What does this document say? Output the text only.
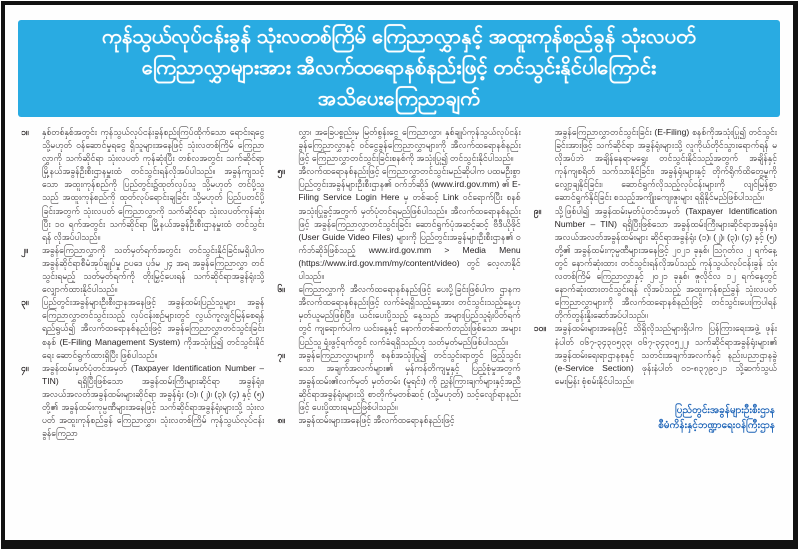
ကုန်သွယ်လုပ်ငန်းခွန် သုံးလတစ်ကြိမ် ကြေညာလွှာနှင့် အထူးကုန်စည်ခွန် သုံးလပတ်
ကြေညာလွှာများအား အီလက်ထရောနစ်နည်းဖြင့် တင်သွင်းနိုင်ပါကြောင်း
အသိပေးကြေညာချက်
၁။	နှစ်တစ်နှစ်အတွင်း ကုန်သွယ်လုပ်ငန်းခွန်စည်းကြပ်ထိုက်သော ရောင်းရငွေ သို့မဟုတ် ဝန်ဆောင်မှုရငွေ ရှိသူများအနေဖြင့် သုံးလတစ်ကြိမ် ကြေညာလွှာကို သက်ဆိုင်ရာ သုံးလပတ် ကုန်ဆုံးပြီး တစ်လအတွင်း သက်ဆိုင်ရာ မြို့နယ်အခွန်ဦးစီးဌာနမှူးထံ တင်သွင်းရန်လိုအပ်ပါသည်။ အခွန်ကျသင့်သော အထူးကုန်စည်ကို ပြည်တွင်း၌ထုတ်လုပ်သူ သို့မဟုတ် တင်ပို့သူသည် အထူးကုန်စည်ကို ထုတ်လုပ်ရောင်းချခြင်း သို့မဟုတ် ပြည်ပတင်ပို့ခြင်းအတွက် သုံးလပတ် ကြေညာလွှာကို သက်ဆိုင်ရာ သုံးလပတ်ကုန်ဆုံးပြီး ၁၀ ရက်အတွင်း သက်ဆိုင်ရာ မြို့နယ်အခွန်ဦးစီးဌာနမှူးထံ တင်သွင်းရန် လိုအပ်ပါသည်။
၂။	အခွန်ကြေညာလွှာကို သတ်မှတ်ရက်အတွင်း တင်သွင်းနိုင်ခြင်းမရှိပါက အခွန်ဆိုင်ရာစီမံအုပ်ချုပ်မှု ဥပဒေ ပုဒ်မ ၂၄ အရ အခွန်ကြေညာလွှာ တင်သွင်းရမည့် သတ်မှတ်ရက်ကို တိုးမြှင့်ပေးရန် သက်ဆိုင်ရာအခွန်ရုံးသို့ လျှောက်ထားနိုင်ပါသည်။
၃။	ပြည်တွင်းအခွန်များဦးစီးဌာနအနေဖြင့် အခွန်ထမ်းပြည်သူများ အခွန်ကြေညာလွှာတင်သွင်းသည့် လုပ်ငန်းစဉ်များတွင် လွယ်ကူလျှင်မြန်စေရန်ရည်ရွယ်၍ အီလက်ထရောနစ်နည်းဖြင့် အခွန်ကြေညာလွှာတင်သွင်းခြင်းစနစ် (E-Filing Management System) ကိုအသုံးပြု၍ တင်သွင်းနိုင်ရေး ဆောင်ရွက်ထားရှိပြီး ဖြစ်ပါသည်။
၄။	အခွန်ထမ်းမှတ်ပုံတင်အမှတ် (Taxpayer Identification Number – TIN) ရရှိပြီးဖြစ်သော အခွန်ထမ်းကြီးများဆိုင်ရာ အခွန်ရုံး၊ အလယ်အလတ်အခွန်ထမ်းများဆိုင်ရာ အခွန်ရုံး (၁)၊ (၂)၊ (၃)၊ (၄) နှင့် (၅) တို့၏ အခွန်ထမ်းကုမ္ပဏီများအနေဖြင့် သက်ဆိုင်ရာအခွန်ရုံးများသို့ သုံးလပတ် အထူးကုန်စည်ခွန် ကြေညာလွှာ၊ သုံးလတစ်ကြိမ် ကုန်သွယ်လုပ်ငန်းခွန်ကြေညာ
လွှာ၊ အခြေပစ္စည်းမှ မြတ်စွန်းငွေ ကြေညာလွှာ၊ နှစ်ချုပ်ကုန်သွယ်လုပ်ငန်းခွန်ကြေညာလွှာနှင့် ဝင်ငွေခွန်ကြေညာလွှာများကို အီလက်ထရောနစ်နည်းဖြင့် ကြေညာလွှာတင်သွင်းခြင်းစနစ်ကို အသုံးပြု၍ တင်သွင်းနိုင်ပါသည်။
၅။	အီလက်ထရောနစ်နည်းဖြင့် ကြေညာလွှာတင်သွင်းမည်ဆိုပါက ပထမဦးစွာ ပြည်တွင်းအခွန်များဦးစီးဌာန၏ ဝက်ဘ်ဆိုဒ် (www.ird.gov.mm) ၏ E-Filing Service Login Here မှ တစ်ဆင့် Link ဝင်ရောက်ပြီး စနစ်အသုံးပြုခွင့်အတွက် မှတ်ပုံတင်ရမည်ဖြစ်ပါသည်။ အီလက်ထရောနစ်နည်းဖြင့် အခွန်ကြေညာလွှာတင်သွင်းခြင်း ဆောင်ရွက်ပုံအဆင့်ဆင့် ဗီဒီယိုဖိုင် (User Guide Video Files) များကို ပြည်တွင်းအခွန်များဦးစီးဌာန၏ ဝက်ဘ်ဆိုဒ်ဖြစ်သည့် www.ird.gov.mm > Media Menu (https://www.ird.gov.mm/my/content/video) တွင် လေ့လာနိုင်ပါသည်။
၆။	ကြေညာလွှာကို အီလက်ထရောနစ်နည်းဖြင့် ပေးပို့ခြင်းဖြစ်ပါက ဌာနက အီလက်ထရောနစ်နည်းဖြင့် လက်ခံရရှိသည့်နေ့အား တင်သွင်းသည့်နေ့ဟု မှတ်ယူမည်ဖြစ်ပြီး၊ ယင်းပေးပို့သည့် နေ့သည် အများပြည်သူရုံးပိတ်ရက်တွင် ကျရောက်ပါက ယင်းနေ့နှင့် နောက်တစ်ဆက်တည်းဖြစ်သော အများပြည်သူ ရုံးဖွင့်ရက်တွင် လက်ခံရရှိသည်ဟု သတ်မှတ်မည်ဖြစ်ပါသည်။
၇။	အခွန်ကြေညာလွှာများကို စနစ်အသုံးပြု၍ တင်သွင်းရာတွင် ဖြည့်သွင်းသော အချက်အလက်များ၏ မှန်ကန်တိကျမှုနှင့် ပြည့်စုံမှုအတွက် အခွန်ထမ်း၏လက်မှတ် မှတ်တမ်း (မူရင်း) ကို ညွှန်ကြားချက်များနှင့်အညီ ဆိုင်ရာအခွန်ရုံးများသို့ စာတိုက်မှတစ်ဆင့် (သို့မဟုတ်) သင့်လျော်ရာနည်းဖြင့် ပေးပို့ထားရမည်ဖြစ်ပါသည်။
၈။	အခွန်ထမ်းများအနေဖြင့် အီလက်ထရောနစ်နည်းဖြင့်
အခွန်ကြေညာလွှာတင်သွင်းခြင်း (E-Filing) စနစ်ကိုအသုံးပြု၍ တင်သွင်းခြင်းအားဖြင့် သက်ဆိုင်ရာ အခွန်ရုံးများသို့ လူကိုယ်တိုင်သွားရောက်ရန် မလိုအပ်ဘဲ အချိန်နေရာမရွေး တင်သွင်းနိုင်သည့်အတွက် အချိန်နှင့်ကုန်ကျစရိတ် သက်သာနိုင်ခြင်း၊ အခွန်ရုံးများနှင့် တိုက်ရိုက်ထိတွေ့မှုကို လျှော့ချနိုင်ခြင်း၊ ဆောင်ရွက်လိုသည့်လုပ်ငန်းများကို လျင်မြန်စွာ ဆောင်ရွက်နိုင်ခြင်း စသည့်အကျိုးကျေးဇူးများ ရရှိနိုင်မည်ဖြစ်ပါသည်။
၉။	သို့ဖြစ်ပါ၍ အခွန်ထမ်းမှတ်ပုံတင်အမှတ် (Taxpayer Identification Number – TIN) ရရှိပြီးဖြစ်သော အခွန်ထမ်းကြီးများဆိုင်ရာအခွန်ရုံး၊ အလယ်အလတ်အခွန်ထမ်းများ ဆိုင်ရာအခွန်ရုံး (၁)၊ (၂)၊ (၃)၊ (၄) နှင့် (၅) တို့၏ အခွန်ထမ်းကုမ္ပဏီများအနေဖြင့် ၂၀၂၁ ခုနှစ်၊ ဩဂုတ်လ ၂ ရက်နေ့တွင် နောက်ဆုံးထား တင်သွင်းရန်လိုအပ်သည့် ကုန်သွယ်လုပ်ငန်းခွန် သုံးလတစ်ကြိမ် ကြေညာလွှာနှင့် ၂၀၂၁ ခုနှစ်၊ ဇူလိုင်လ ၁၂ ရက်နေ့တွင် နောက်ဆုံးထားတင်သွင်းရန် လိုအပ်သည့် အထူးကုန်စည်ခွန် သုံးလပတ်ကြေညာလွှာများကို အီလက်ထရောနစ်နည်းဖြင့် တင်သွင်းပေးကြပါရန် တိုက်တွန်းနှိုးဆော်အပ်ပါသည်။
၁၀။	အခွန်ထမ်းများအနေဖြင့် သိရှိလိုသည်များရှိပါက ပြန်ကြားရေးအဖွဲ့ ဖုန်းနံပါတ် ၀၆၇-၃၄၃၀၅၃၃၊ ၀၆၇-၃၄၃၀၅၂၂၊ သက်ဆိုင်ရာအခွန်ရုံးများ၏ အခွန်ထမ်းရေးရာဌာနစုနှင့် သတင်းအချက်အလက်နှင့် နည်းပညာဌာနခွဲ (e-Service Section) ဖုန်းနံပါတ် ၀၁-၈၃၇၉၀၂၁ သို့ဆက်သွယ်မေးမြန်း စုံစမ်းနိုင်ပါသည်။
ပြည်တွင်းအခွန်များဦးစီးဌာန
စီမံကိန်းနှင့်ဘဏ္ဍာရေးဝန်ကြီးဌာန
